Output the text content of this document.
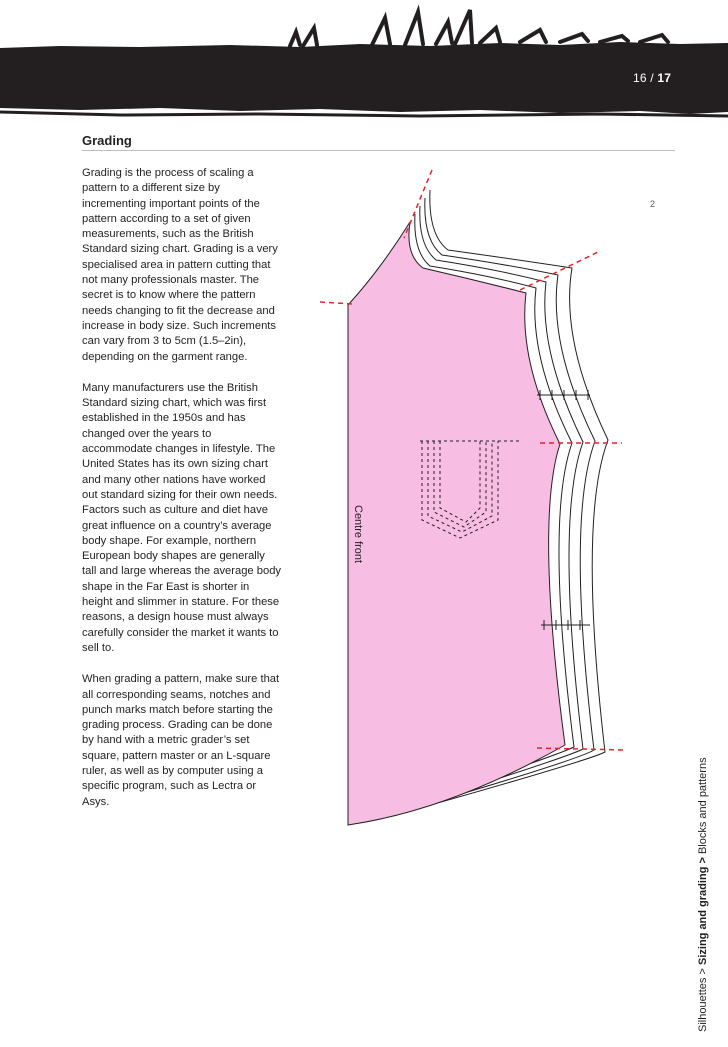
16 / 17
Grading

Grading is the process of scaling a pattern to a different size by incrementing important points of the pattern according to a set of given measurements, such as the British Standard sizing chart. Grading is a very specialised area in pattern cutting that not many professionals master. The secret is to know where the pattern needs changing to fit the decrease and increase in body size. Such increments can vary from 3 to 5cm (1.5–2in), depending on the garment range.

Many manufacturers use the British Standard sizing chart, which was first established in the 1950s and has changed over the years to accommodate changes in lifestyle. The United States has its own sizing chart and many other nations have worked out standard sizing for their own needs. Factors such as culture and diet have great influence on a country’s average body shape. For example, northern European body shapes are generally tall and large whereas the average body shape in the Far East is shorter in height and slimmer in stature. For these reasons, a design house must always carefully consider the market it wants to sell to.

When grading a pattern, make sure that all corresponding seams, notches and punch marks match before starting the grading process. Grading can be done by hand with a metric grader’s set square, pattern master or an L-square ruler, as well as by computer using a specific program, such as Lectra or Asys.

Centre front
2
Silhouettes > Sizing and grading > Blocks and patterns
